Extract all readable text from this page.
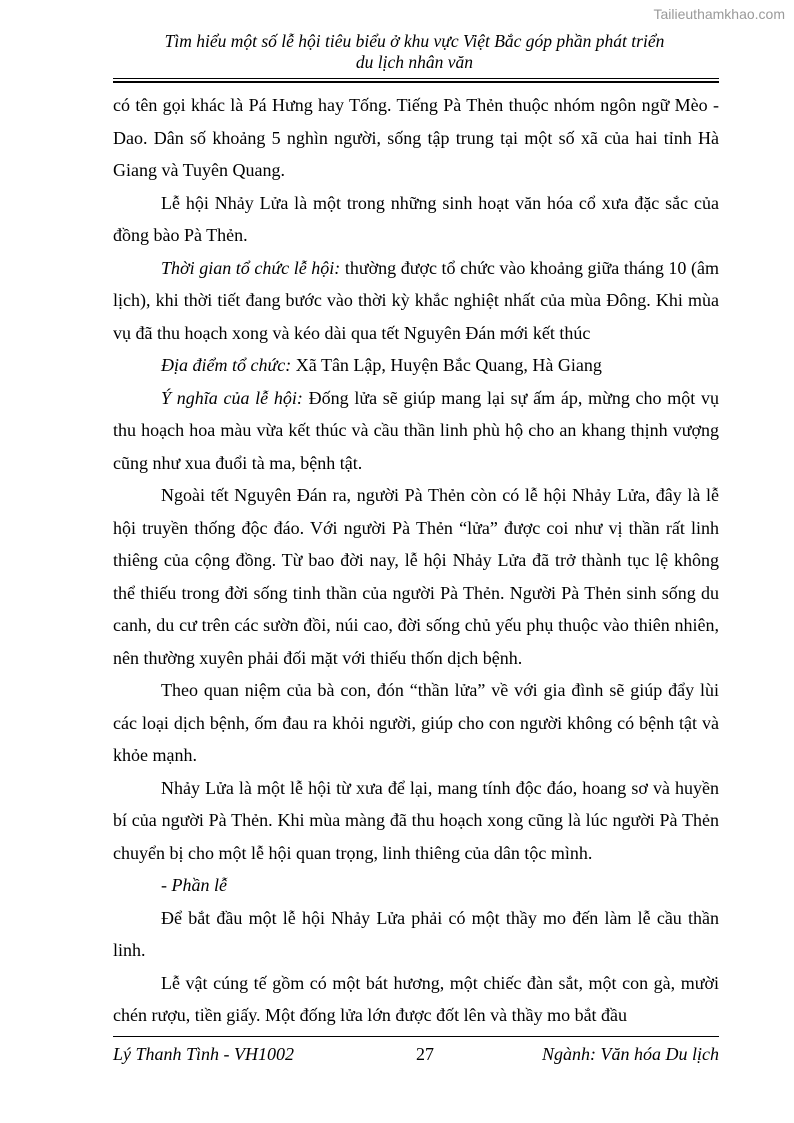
Tailieuthamkhao.com
Tìm hiểu một số lễ hội tiêu biểu ở khu vực Việt Bắc góp phần phát triển
du lịch nhân văn

có tên gọi khác là Pá Hưng hay Tống. Tiếng Pà Thẻn thuộc nhóm ngôn ngữ Mèo - Dao. Dân số khoảng 5 nghìn người, sống tập trung tại một số xã của hai tỉnh Hà Giang và Tuyên Quang.

Lễ hội Nhảy Lửa là một trong những sinh hoạt văn hóa cổ xưa đặc sắc của đồng bào Pà Thẻn.

Thời gian tổ chức lễ hội: thường được tổ chức vào khoảng giữa tháng 10 (âm lịch), khi thời tiết đang bước vào thời kỳ khắc nghiệt nhất của mùa Đông. Khi mùa vụ đã thu hoạch xong và kéo dài qua tết Nguyên Đán mới kết thúc

Địa điểm tổ chức: Xã Tân Lập, Huyện Bắc Quang, Hà Giang

Ý nghĩa của lễ hội: Đống lửa sẽ giúp mang lại sự ấm áp, mừng cho một vụ thu hoạch hoa màu vừa kết thúc và cầu thần linh phù hộ cho an khang thịnh vượng cũng như xua đuổi tà ma, bệnh tật.

Ngoài tết Nguyên Đán ra, người Pà Thẻn còn có lễ hội Nhảy Lửa, đây là lễ hội truyền thống độc đáo. Với người Pà Thẻn “lửa” được coi như vị thần rất linh thiêng của cộng đồng. Từ bao đời nay, lễ hội Nhảy Lửa đã trở thành tục lệ không thể thiếu trong đời sống tinh thần của người Pà Thẻn. Người Pà Thẻn sinh sống du canh, du cư trên các sườn đồi, núi cao, đời sống chủ yếu phụ thuộc vào thiên nhiên, nên thường xuyên phải đối mặt với thiếu thốn dịch bệnh.

Theo quan niệm của bà con, đón “thần lửa” về với gia đình sẽ giúp đẩy lùi các loại dịch bệnh, ốm đau ra khỏi người, giúp cho con người không có bệnh tật và khỏe mạnh.

Nhảy Lửa là một lễ hội từ xưa để lại, mang tính độc đáo, hoang sơ và huyền bí của người Pà Thẻn. Khi mùa màng đã thu hoạch xong cũng là lúc người Pà Thẻn chuyển bị cho một lễ hội quan trọng, linh thiêng của dân tộc mình.

- Phần lễ

Để bắt đầu một lễ hội Nhảy Lửa phải có một thầy mo đến làm lễ cầu thần linh.

Lễ vật cúng tế gồm có một bát hương, một chiếc đàn sắt, một con gà, mười chén rượu, tiền giấy. Một đống lửa lớn được đốt lên và thầy mo bắt đầu

Lý Thanh Tình - VH1002	27	Ngành: Văn hóa Du lịch
